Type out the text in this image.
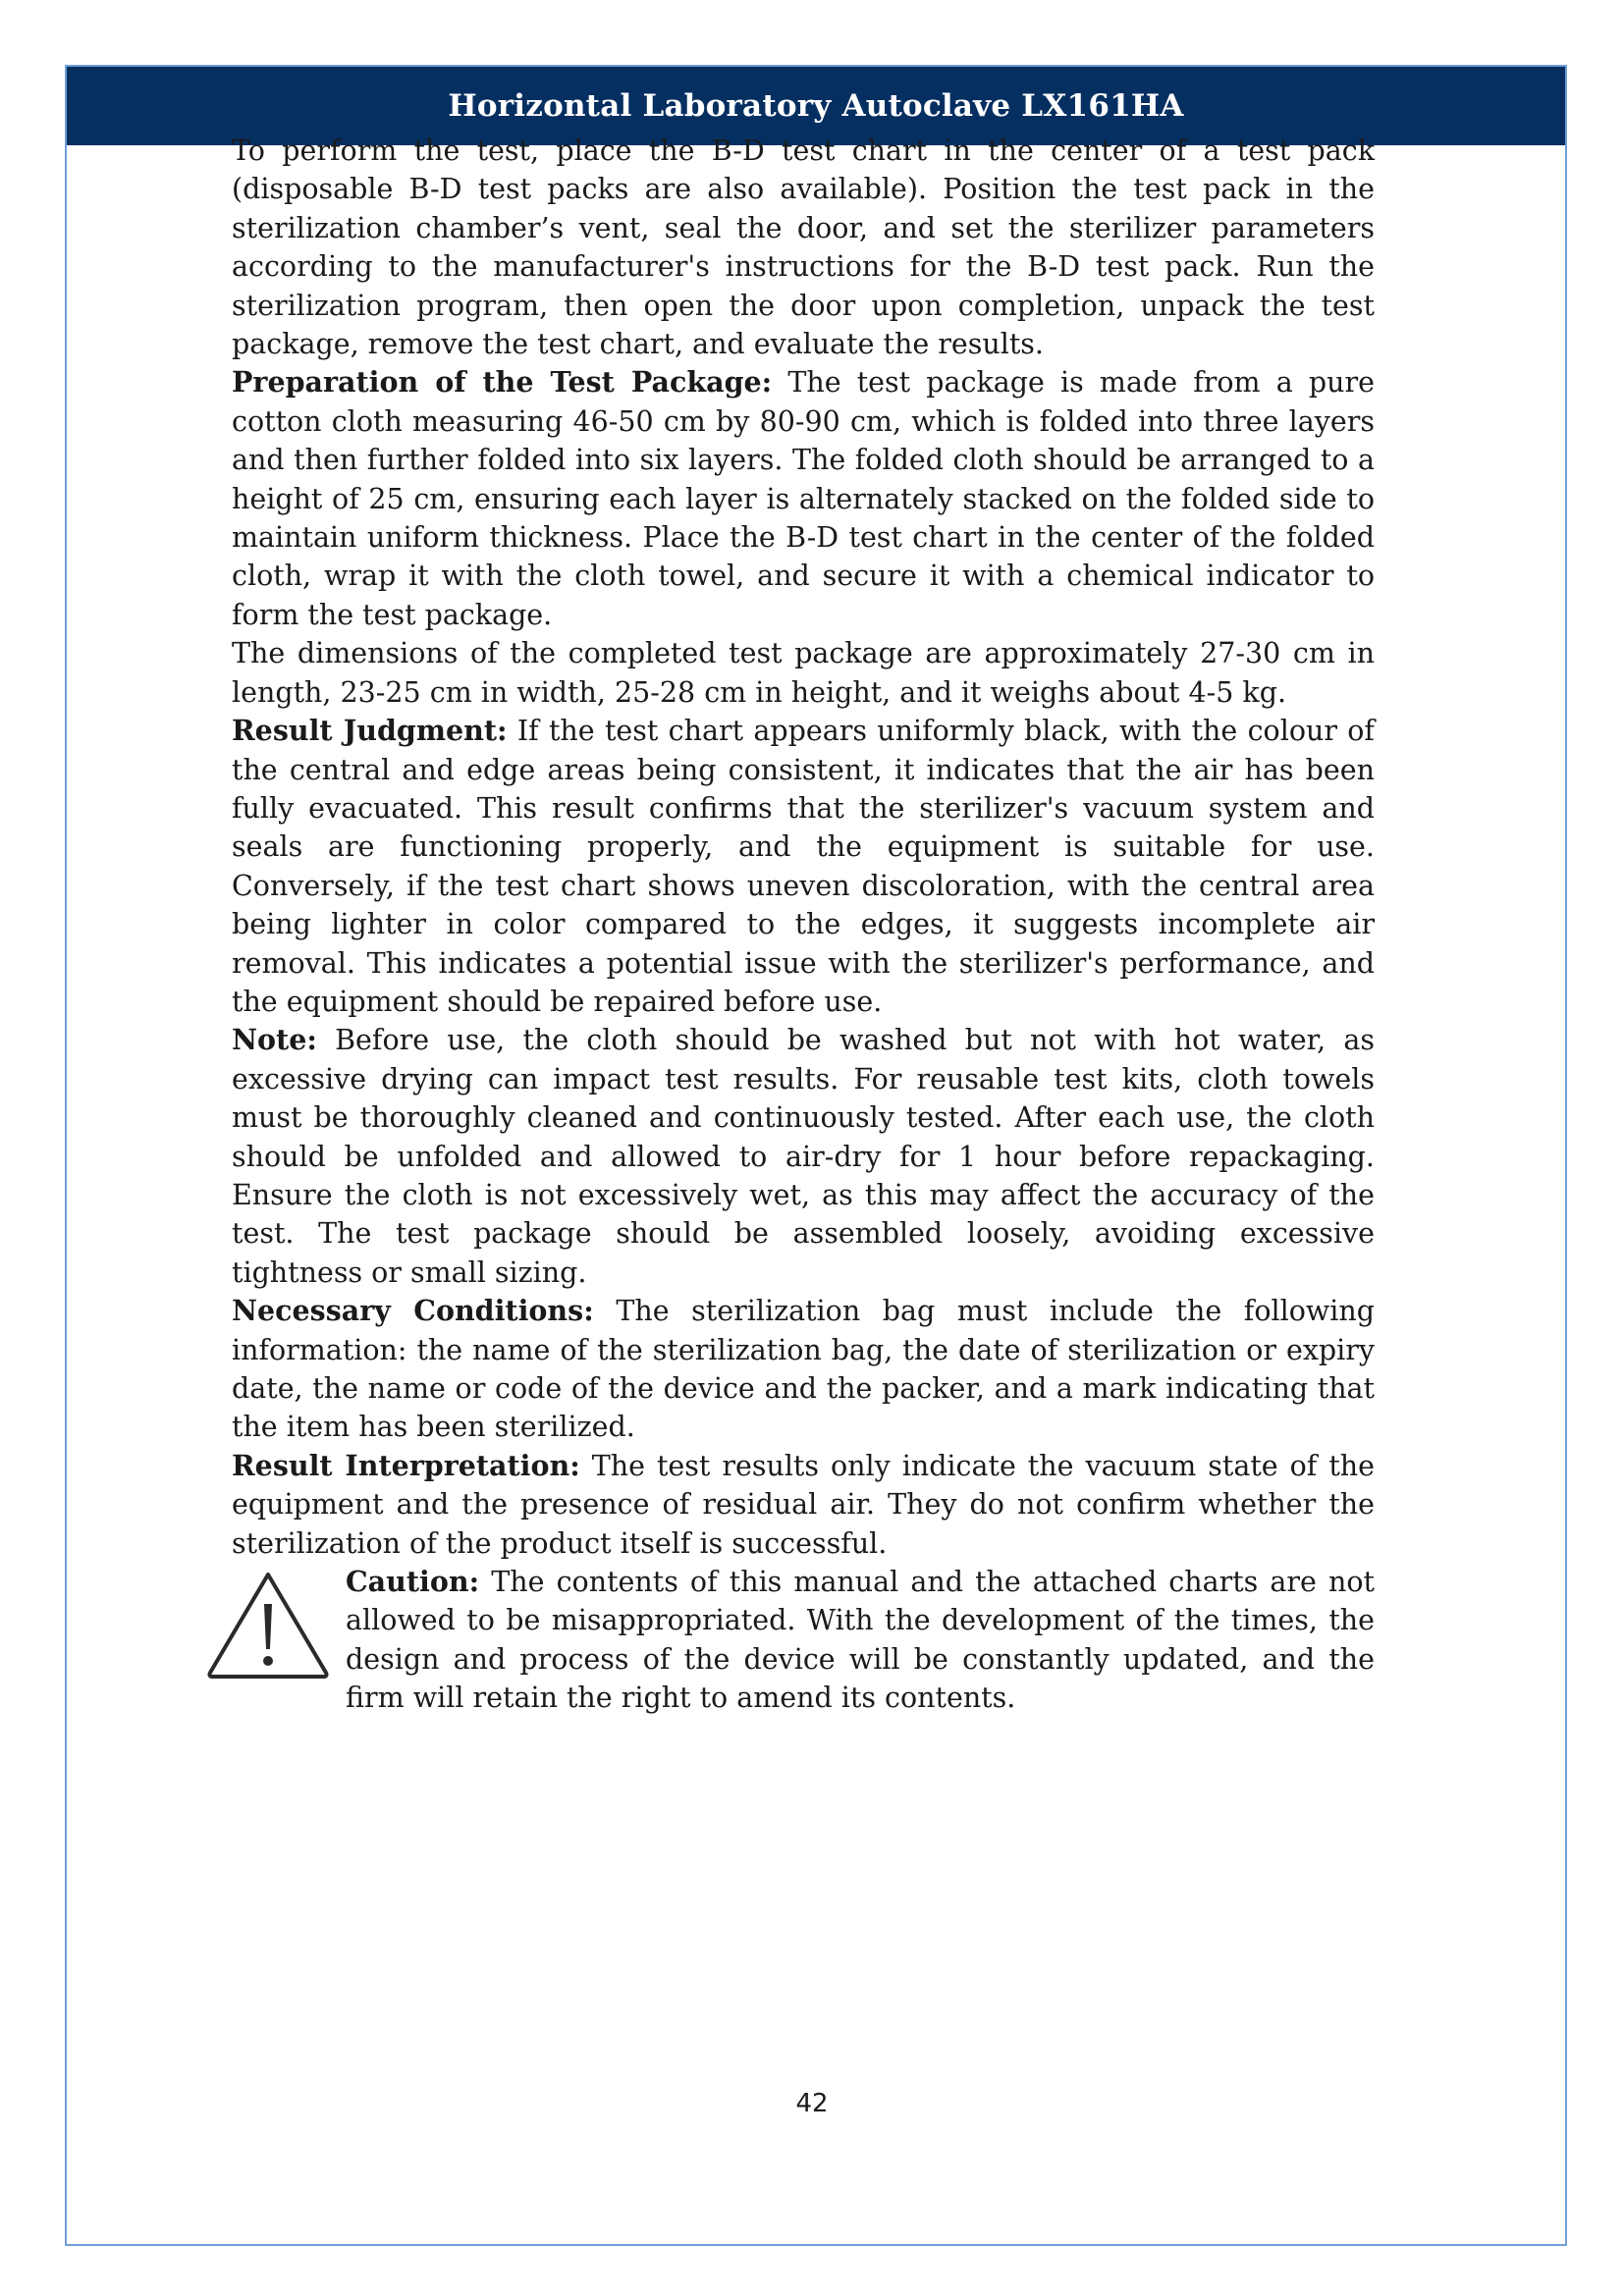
Horizontal Laboratory Autoclave LX161HA

To perform the test, place the B-D test chart in the center of a test pack (disposable B-D test packs are also available). Position the test pack in the sterilization chamber’s vent, seal the door, and set the sterilizer parameters according to the manufacturer's instructions for the B-D test pack. Run the sterilization program, then open the door upon completion, unpack the test package, remove the test chart, and evaluate the results.

Preparation of the Test Package: The test package is made from a pure cotton cloth measuring 46-50 cm by 80-90 cm, which is folded into three layers and then further folded into six layers. The folded cloth should be arranged to a height of 25 cm, ensuring each layer is alternately stacked on the folded side to maintain uniform thickness. Place the B-D test chart in the center of the folded cloth, wrap it with the cloth towel, and secure it with a chemical indicator to form the test package.

The dimensions of the completed test package are approximately 27-30 cm in length, 23-25 cm in width, 25-28 cm in height, and it weighs about 4-5 kg.

Result Judgment: If the test chart appears uniformly black, with the colour of the central and edge areas being consistent, it indicates that the air has been fully evacuated. This result confirms that the sterilizer's vacuum system and seals are functioning properly, and the equipment is suitable for use. Conversely, if the test chart shows uneven discoloration, with the central area being lighter in color compared to the edges, it suggests incomplete air removal. This indicates a potential issue with the sterilizer's performance, and the equipment should be repaired before use.

Note: Before use, the cloth should be washed but not with hot water, as excessive drying can impact test results. For reusable test kits, cloth towels must be thoroughly cleaned and continuously tested. After each use, the cloth should be unfolded and allowed to air-dry for 1 hour before repackaging. Ensure the cloth is not excessively wet, as this may affect the accuracy of the test. The test package should be assembled loosely, avoiding excessive tightness or small sizing.

Necessary Conditions: The sterilization bag must include the following information: the name of the sterilization bag, the date of sterilization or expiry date, the name or code of the device and the packer, and a mark indicating that the item has been sterilized.

Result Interpretation: The test results only indicate the vacuum state of the equipment and the presence of residual air. They do not confirm whether the sterilization of the product itself is successful.

Caution: The contents of this manual and the attached charts are not allowed to be misappropriated. With the development of the times, the design and process of the device will be constantly updated, and the firm will retain the right to amend its contents.

42
